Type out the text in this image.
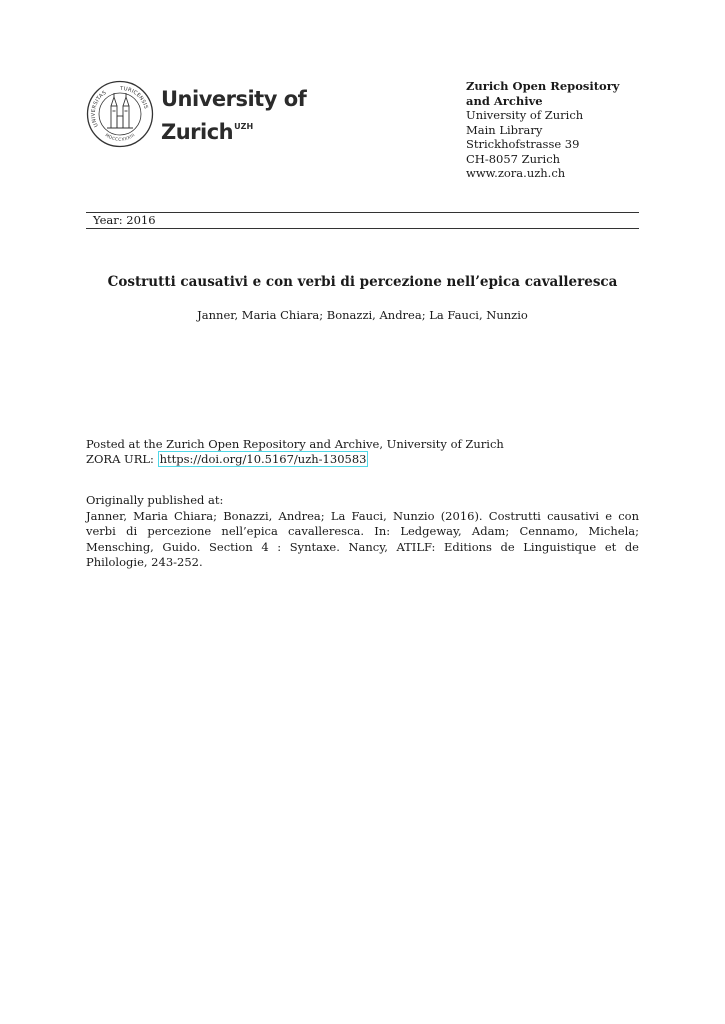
UNIVERSITAS
TURICENSIS
MDCCCXXXIII
University of
Zurich$^{UZH}$
Zurich Open Repository and Archive
University of Zurich
Main Library
Strickhofstrasse 39
CH-8057 Zurich
www.zora.uzh.ch
Year: 2016
Costrutti causativi e con verbi di percezione nell’epica cavalleresca
Janner, Maria Chiara; Bonazzi, Andrea; La Fauci, Nunzio
Posted at the Zurich Open Repository and Archive, University of Zurich
ZORA URL: https://doi.org/10.5167/uzh-130583
Originally published at:
Janner, Maria Chiara; Bonazzi, Andrea; La Fauci, Nunzio (2016). Costrutti causativi e con verbi di percezione nell’epica cavalleresca. In: Ledgeway, Adam; Cennamo, Michela; Mensching, Guido. Section 4 : Syntaxe. Nancy, ATILF: Editions de Linguistique et de Philologie, 243-252.
